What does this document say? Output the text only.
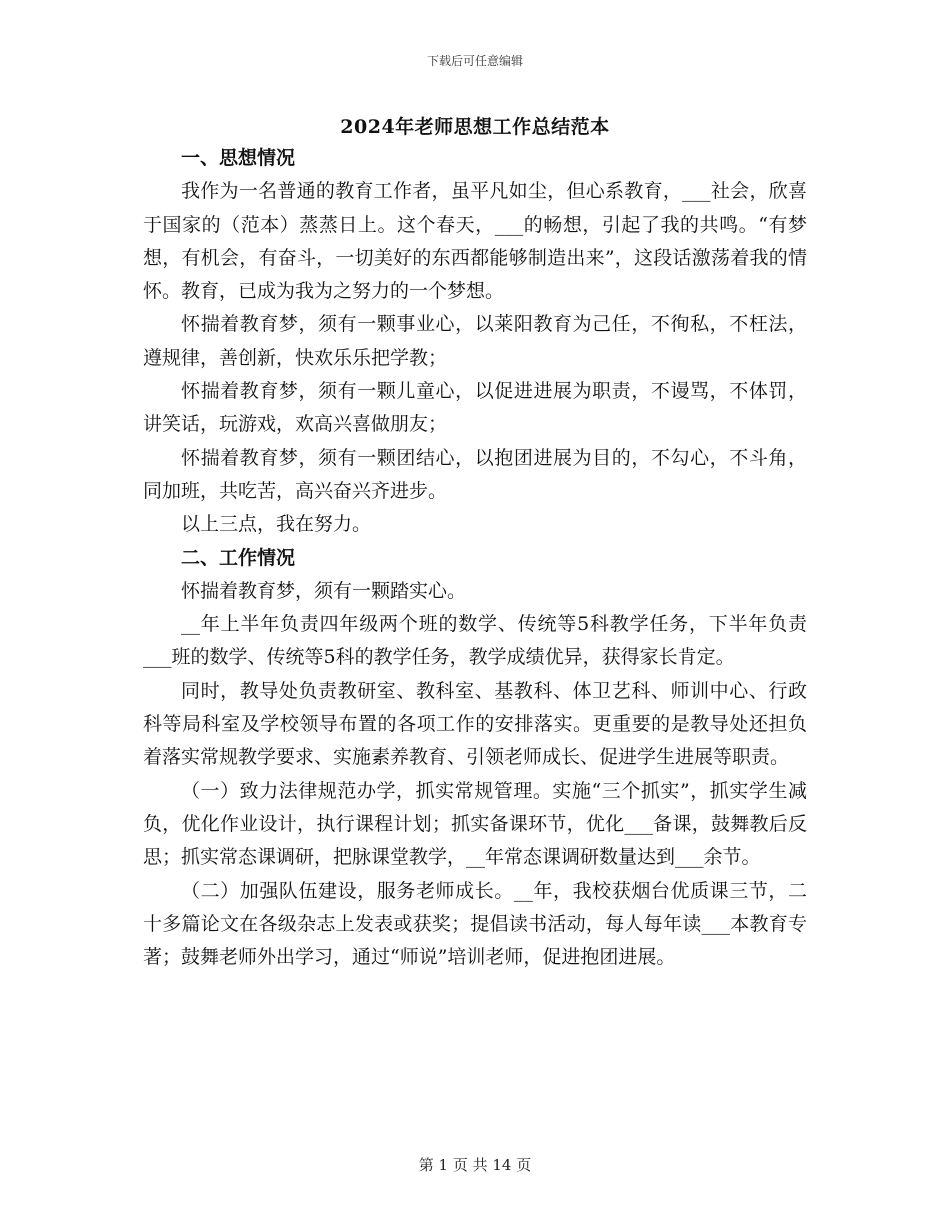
下载后可任意编辑
2024年老师思想工作总结范本
一、思想情况

我作为一名普通的教育工作者，虽平凡如尘，但心系教育，___社会，欣喜于国家的（范本）蒸蒸日上。这个春天，___的畅想，引起了我的共鸣。“有梦想，有机会，有奋斗，一切美好的东西都能够制造出来”，这段话激荡着我的情怀。教育，已成为我为之努力的一个梦想。

怀揣着教育梦，须有一颗事业心，以莱阳教育为己任，不徇私，不枉法，遵规律，善创新，快欢乐乐把学教；

怀揣着教育梦，须有一颗儿童心，以促进进展为职责，不谩骂，不体罚，讲笑话，玩游戏，欢高兴喜做朋友；

怀揣着教育梦，须有一颗团结心，以抱团进展为目的，不勾心，不斗角，同加班，共吃苦，高兴奋兴齐进步。

以上三点，我在努力。

二、工作情况

怀揣着教育梦，须有一颗踏实心。

__年上半年负责四年级两个班的数学、传统等5科教学任务，下半年负责___班的数学、传统等5科的教学任务，教学成绩优异，获得家长肯定。

同时，教导处负责教研室、教科室、基教科、体卫艺科、师训中心、行政科等局科室及学校领导布置的各项工作的安排落实。更重要的是教导处还担负着落实常规教学要求、实施素养教育、引领老师成长、促进学生进展等职责。

（一）致力法律规范办学，抓实常规管理。实施“三个抓实”，抓实学生减负，优化作业设计，执行课程计划；抓实备课环节，优化___备课，鼓舞教后反思；抓实常态课调研，把脉课堂教学，__年常态课调研数量达到___余节。

（二）加强队伍建设，服务老师成长。__年，我校获烟台优质课三节，二十多篇论文在各级杂志上发表或获奖；提倡读书活动，每人每年读___本教育专著；鼓舞老师外出学习，通过“师说”培训老师，促进抱团进展。

第 1 页 共 14 页
